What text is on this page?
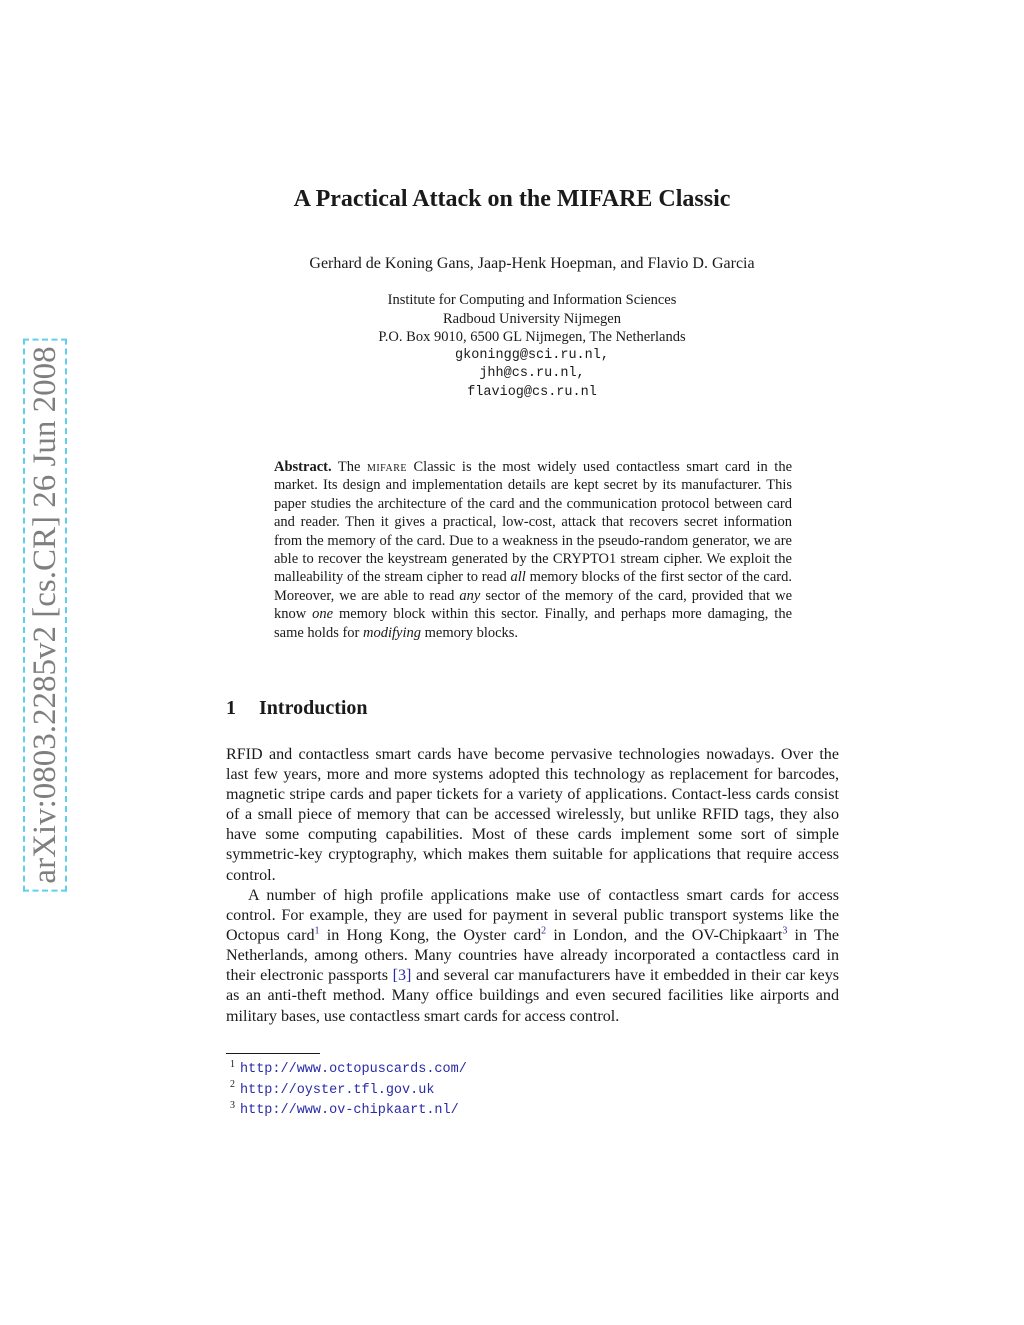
arXiv:0803.2285v2 [cs.CR] 26 Jun 2008
A Practical Attack on the MIFARE Classic
Gerhard de Koning Gans, Jaap-Henk Hoepman, and Flavio D. Garcia
Institute for Computing and Information Sciences
Radboud University Nijmegen
P.O. Box 9010, 6500 GL Nijmegen, The Netherlands
gkoningg@sci.ru.nl,
jhh@cs.ru.nl,
flaviog@cs.ru.nl

Abstract. The mifare Classic is the most widely used contactless smart card in the market. Its design and implementation details are kept secret by its manufacturer. This paper studies the architecture of the card and the communication protocol between card and reader. Then it gives a practical, low-cost, attack that recovers secret information from the memory of the card. Due to a weakness in the pseudo-random generator, we are able to recover the keystream generated by the CRYPTO1 stream cipher. We exploit the malleability of the stream cipher to read all memory blocks of the first sector of the card. Moreover, we are able to read any sector of the memory of the card, provided that we know one memory block within this sector. Finally, and perhaps more damaging, the same holds for modifying memory blocks.

1 Introduction

RFID and contactless smart cards have become pervasive technologies nowadays. Over the last few years, more and more systems adopted this technology as replacement for barcodes, magnetic stripe cards and paper tickets for a variety of applications. Contact-less cards consist of a small piece of memory that can be accessed wirelessly, but unlike RFID tags, they also have some computing capabilities. Most of these cards implement some sort of simple symmetric-key cryptography, which makes them suitable for applications that require access control.

A number of high profile applications make use of contactless smart cards for access control. For example, they are used for payment in several public transport systems like the Octopus card$^1$ in Hong Kong, the Oyster card$^2$ in London, and the OV-Chipkaart$^3$ in The Netherlands, among others. Many countries have already incorporated a contactless card in their electronic passports [3] and several car manufacturers have it embedded in their car keys as an anti-theft method. Many office buildings and even secured facilities like airports and military bases, use contactless smart cards for access control.

$^1$ http://www.octopuscards.com/
$^2$ http://oyster.tfl.gov.uk
$^3$ http://www.ov-chipkaart.nl/
